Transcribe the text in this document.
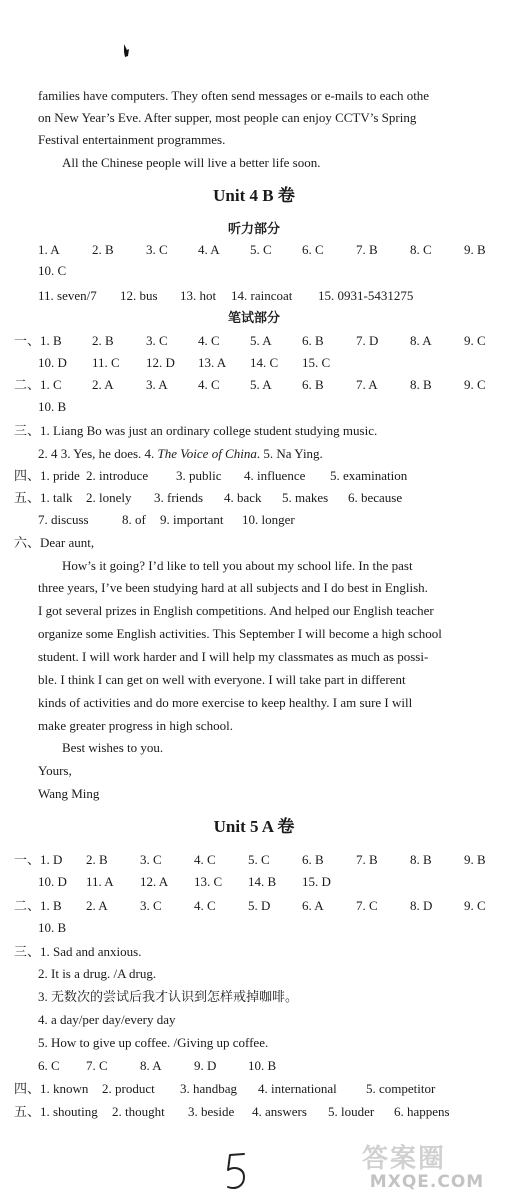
families have computers. They often send messages or e-mails to each othe
on New Year’s Eve. After supper, most people can enjoy CCTV’s Spring
Festival entertainment programmes.
All the Chinese people will live a better life soon.
Unit 4 B 卷
听力部分
1. A 2. B 3. C 4. A 5. C 6. C 7. B 8. C 9. B
10. C
11. seven/7 12. bus 13. hot 14. raincoat 15. 0931-5431275
笔试部分
一、1. B 2. B 3. C 4. C 5. A 6. B 7. D 8. A 9. C
10. D 11. C 12. D 13. A 14. C 15. C
二、1. C 2. A 3. A 4. C 5. A 6. B 7. A 8. B 9. C
10. B
三、1. Liang Bo was just an ordinary college student studying music.
2. 4 3. Yes, he does. 4. The Voice of China. 5. Na Ying.
四、1. pride 2. introduce 3. public 4. influence 5. examination
五、1. talk 2. lonely 3. friends 4. back 5. makes 6. because
7. discuss	8. of 9. important 10. longer
六、Dear aunt,
How’s it going? I’d like to tell you about my school life. In the past
three years, I’ve been studying hard at all subjects and I do best in English.
I got several prizes in English competitions. And helped our English teacher
organize some English activities. This September I will become a high school
student. I will work harder and I will help my classmates as much as possi-
ble. I think I can get on well with everyone. I will take part in different
kinds of activities and do more exercise to keep healthy. I am sure I will
make greater progress in high school.
Best wishes to you.
Yours,
Wang Ming
Unit 5 A 卷
一、1. D 2. B 3. C 4. C 5. C 6. B 7. B 8. B 9. B
10. D 11. A 12. A 13. C 14. B 15. D
二、1. B 2. A 3. C 4. C 5. D 6. A 7. C 8. D 9. C
10. B
三、1. Sad and anxious.
2. It is a drug. /A drug.
3. 无数次的尝试后我才认识到怎样戒掉咖啡。
4. a day/per day/every day
5. How to give up coffee. /Giving up coffee.
6. C 7. C 8. A 9. D 10. B
四、1. known 2. product 3. handbag 4. international 5. competitor
五、1. shouting 2. thought 3. beside 4. answers 5. louder 6. happens
答案圈
MXQE.COM
